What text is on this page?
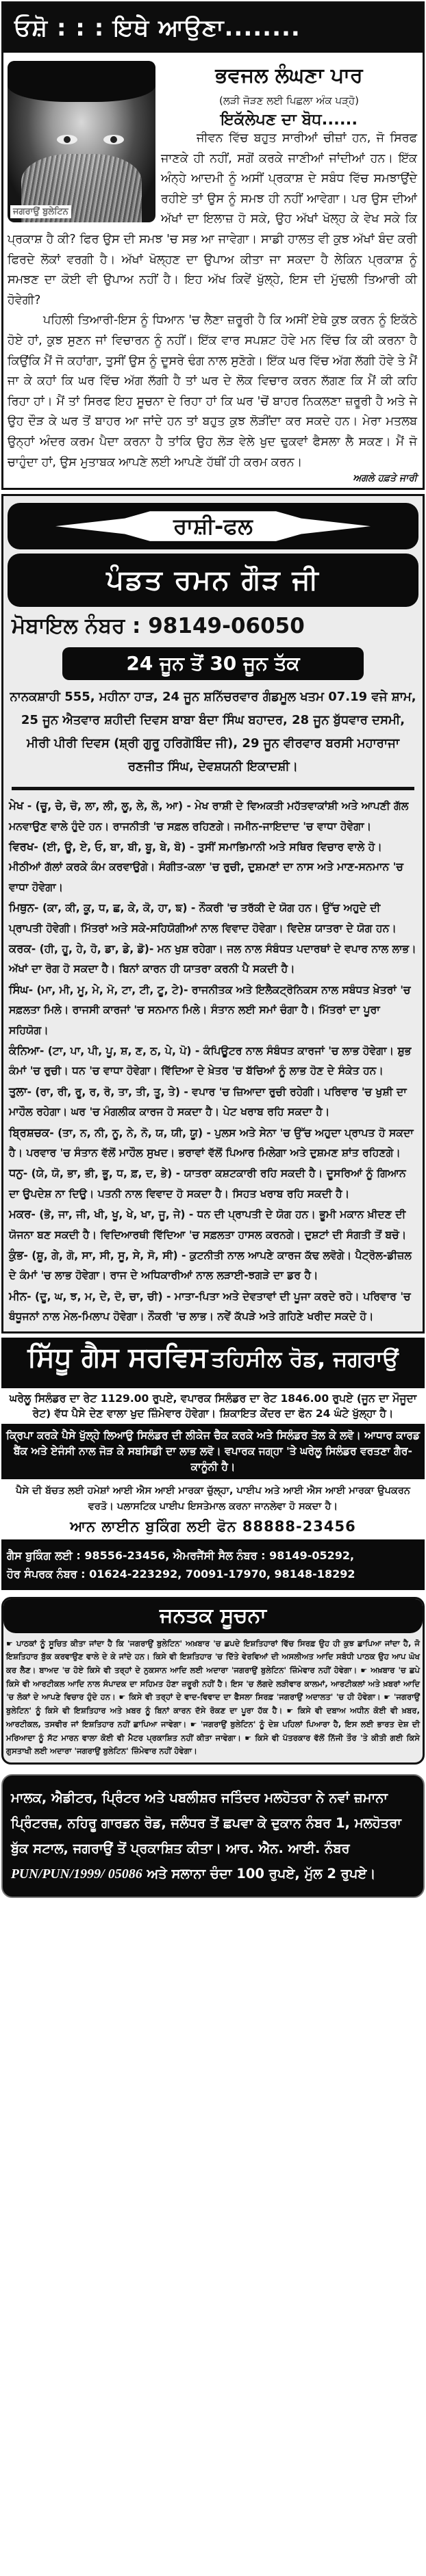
ਓਸ਼ੋ : : : ਇਥੇ ਆਉਣਾ........
ਜਗਰਾਉਂ ਬੁਲੇਟਿਨ
ਭਵਜਲ ਲੰਘਣਾ ਪਾਰ
(ਲੜੀ ਜੋੜਣ ਲਈ ਪਿਛਲਾ ਅੰਕ ਪੜ੍ਹੋ)
ਇਕੱਲੇਪਣ ਦਾ ਬੋਧ......

ਜੀਵਨ ਵਿੱਚ ਬਹੁਤ ਸਾਰੀਆਂ ਚੀਜ਼ਾਂ ਹਨ, ਜੋ ਸਿਰਫ ਜਾਣਕੇ ਹੀ ਨਹੀਂ, ਸਗੋਂ ਕਰਕੇ ਜਾਣੀਆਂ ਜਾਂਦੀਆਂ ਹਨ। ਇੱਕ ਅੰਨ੍ਹੇ ਆਦਮੀ ਨੂੰ ਅਸੀਂ ਪ੍ਰਕਾਸ਼ ਦੇ ਸਬੰਧ ਵਿੱਚ ਸਮਝਾਉਂਦੇ ਰਹੀਏ ਤਾਂ ਉਸ ਨੂੰ ਸਮਝ ਹੀ ਨਹੀਂ ਆਵੇਗਾ। ਪਰ ਉਸ ਦੀਆਂ ਅੱਖਾਂ ਦਾ ਇਲਾਜ਼ ਹੋ ਸਕੇ, ਉਹ ਅੱਖਾਂ ਖੋਲ੍ਹ ਕੇ ਵੇਖ ਸਕੇ ਕਿ ਪ੍ਰਕਾਸ਼ ਹੈ ਕੀ? ਫਿਰ ਉਸ ਦੀ ਸਮਝ 'ਚ ਸਭ ਆ ਜਾਵੇਗਾ। ਸਾਡੀ ਹਾਲਤ ਵੀ ਕੁਝ ਅੱਖਾਂ ਬੰਦ ਕਰੀ ਫਿਰਦੇ ਲੋਕਾਂ ਵਰਗੀ ਹੈ। ਅੱਖਾਂ ਖੋਲ੍ਹਣ ਦਾ ਉਪਾਅ ਕੀਤਾ ਜਾ ਸਕਦਾ ਹੈ ਲੇਕਿਨ ਪ੍ਰਕਾਸ਼ ਨੂੰ ਸਮਝਣ ਦਾ ਕੋਈ ਵੀ ਉਪਾਅ ਨਹੀਂ ਹੈ। ਇਹ ਅੱਖ ਕਿਵੇਂ ਖੁੱਲ੍ਹੇ, ਇਸ ਦੀ ਮੁੱਢਲੀ ਤਿਆਰੀ ਕੀ ਹੋਵੇਗੀ?

ਪਹਿਲੀ ਤਿਆਰੀ-ਇਸ ਨੂੰ ਧਿਆਨ 'ਚ ਲੈਣਾ ਜ਼ਰੂਰੀ ਹੈ ਕਿ ਅਸੀਂ ਏਥੇ ਕੁਝ ਕਰਨ ਨੂੰ ਇਕੱਠੇ ਹੋਏ ਹਾਂ, ਕੁਝ ਸੁਣਨ ਜਾਂ ਵਿਚਾਰਨ ਨੂੰ ਨਹੀਂ। ਇੱਕ ਵਾਰ ਸਪਸ਼ਟ ਹੋਵੇ ਮਨ ਵਿੱਚ ਕਿ ਕੀ ਕਰਨਾ ਹੈ ਕਿਉਂਕਿ ਮੈਂ ਜੋ ਕਹਾਂਗਾ, ਤੁਸੀਂ ਉਸ ਨੂੰ ਦੂਸਰੇ ਢੰਗ ਨਾਲ ਸੁਣੋਗੇ। ਇੱਕ ਘਰ ਵਿੱਚ ਅੱਗ ਲੱਗੀ ਹੋਵੇ ਤੇ ਮੈਂ ਜਾ ਕੇ ਕਹਾਂ ਕਿ ਘਰ ਵਿੱਚ ਅੱਗ ਲੱਗੀ ਹੈ ਤਾਂ ਘਰ ਦੇ ਲੋਕ ਵਿਚਾਰ ਕਰਨ ਲੱਗਣ ਕਿ ਮੈਂ ਕੀ ਕਹਿ ਰਿਹਾ ਹਾਂ। ਮੈਂ ਤਾਂ ਸਿਰਫ ਇਹ ਸੂਚਨਾ ਦੇ ਰਿਹਾ ਹਾਂ ਕਿ ਘਰ 'ਚੋਂ ਬਾਹਰ ਨਿਕਲਣਾ ਜ਼ਰੂਰੀ ਹੈ ਅਤੇ ਜੇ ਉਹ ਦੌੜ ਕੇ ਘਰ ਤੋਂ ਬਾਹਰ ਆ ਜਾਂਦੇ ਹਨ ਤਾਂ ਬਹੁਤ ਕੁਝ ਲੋੜੀਂਦਾ ਕਰ ਸਕਦੇ ਹਨ। ਮੇਰਾ ਮਤਲਬ ਉਨ੍ਹਾਂ ਅੰਦਰ ਕਰਮ ਪੈਦਾ ਕਰਨਾ ਹੈ ਤਾਂਕਿ ਉਹ ਲੋੜ ਵੇਲੇ ਖੁਦ ਢੁਕਵਾਂ ਫੈਸਲਾ ਲੈ ਸਕਣ। ਮੈਂ ਜੋ ਚਾਹੁੰਦਾ ਹਾਂ, ਉਸ ਮੁਤਾਬਕ ਆਪਣੇ ਲਈ ਆਪਣੇ ਹੱਥੀਂ ਹੀ ਕਰਮ ਕਰਨ।

ਅਗਲੇ ਹਫ਼ਤੇ ਜਾਰੀ
ਰਾਸ਼ੀ-ਫਲ
ਪੰਡਤ ਰਮਨ ਗੌੜ ਜੀ
ਮੋਬਾਇਲ ਨੰਬਰ : 98149-06050
24 ਜੂਨ ਤੋਂ 30 ਜੂਨ ਤੱਕ
ਨਾਨਕਸ਼ਾਹੀ 555, ਮਹੀਨਾ ਹਾੜ, 24 ਜੂਨ ਸ਼ਨਿੱਚਰਵਾਰ ਗੰਡਮੂਲ ਖਤਮ 07.19 ਵਜੇ ਸ਼ਾਮ, 25 ਜੂਨ ਐਤਵਾਰ ਸ਼ਹੀਦੀ ਦਿਵਸ ਬਾਬਾ ਬੰਦਾ ਸਿੰਘ ਬਹਾਦਰ, 28 ਜੂਨ ਬੁੱਧਵਾਰ ਦਸਮੀ, ਮੀਰੀ ਪੀਰੀ ਦਿਵਸ (ਸ਼੍ਰੀ ਗੁਰੂ ਹਰਿਗੋਬਿੰਦ ਜੀ), 29 ਜੂਨ ਵੀਰਵਾਰ ਬਰਸੀ ਮਹਾਰਾਜਾ ਰਣਜੀਤ ਸਿੰਘ, ਦੇਵਸ਼ਯਨੀ ਇਕਾਦਸ਼ੀ।
ਮੇਖ - (ਚੂ, ਚੇ, ਚੋ, ਲਾ, ਲੀ, ਲੂ, ਲੇ, ਲੋ, ਆ) - ਮੇਖ ਰਾਸ਼ੀ ਦੇ ਵਿਅਕਤੀ ਮਹੱਤਵਾਕਾਂਸ਼ੀ ਅਤੇ ਆਪਣੀ ਗੱਲ ਮਨਵਾਉਣ ਵਾਲੇ ਹੁੰਦੇ ਹਨ। ਰਾਜਨੀਤੀ 'ਚ ਸਫ਼ਲ ਰਹਿਣਗੇ। ਜਮੀਨ-ਜਾਇਦਾਦ 'ਚ ਵਾਧਾ ਹੋਵੇਗਾ।
ਵਿਰਖ- (ਈ, ਊ, ਏ, ਓ, ਬਾ, ਬੀ, ਬੂ, ਬੇ, ਬੋ) - ਤੁਸੀਂ ਸਮਾਭਿਮਾਨੀ ਅਤੇ ਸਥਿਰ ਵਿਚਾਰ ਵਾਲੇ ਹੋ। ਮੀਠੀਆਂ ਗੱਲਾਂ ਕਰਕੇ ਕੰਮ ਕਰਵਾਉਗੇ। ਸੰਗੀਤ-ਕਲਾ 'ਚ ਰੁਚੀ, ਦੁਸ਼ਮਣਾਂ ਦਾ ਨਾਸ ਅਤੇ ਮਾਣ-ਸਨਮਾਨ 'ਚ ਵਾਧਾ ਹੋਵੇਗਾ।
ਮਿਥੁਨ- (ਕਾ, ਕੀ, ਕੂ, ਧ, ਛ, ਕੇ, ਕੋ, ਹਾ, ਙ) - ਨੌਕਰੀ 'ਚ ਤਰੱਕੀ ਦੇ ਯੋਗ ਹਨ। ਉੱਚ ਅਹੁਦੇ ਦੀ ਪ੍ਰਾਪਤੀ ਹੋਵੇਗੀ। ਮਿੱਤਰਾਂ ਅਤੇ ਸਕੇ-ਸਹਿਯੋਗੀਆਂ ਨਾਲ ਵਿਵਾਦ ਹੋਵੇਗਾ। ਵਿਦੇਸ਼ ਯਾਤਰਾ ਦੇ ਯੋਗ ਹਨ।
ਕਰਕ- (ਹੀ, ਹੂ, ਹੇ, ਹੋ, ਡਾ, ਡੇ, ਡੋ)- ਮਨ ਖੁਸ਼ ਰਹੇਗਾ। ਜਲ ਨਾਲ ਸੰਬੰਧਤ ਪਦਾਰਥਾਂ ਦੇ ਵਪਾਰ ਨਾਲ ਲਾਭ। ਅੱਖਾਂ ਦਾ ਰੋਗ ਹੋ ਸਕਦਾ ਹੈ। ਬਿਨਾਂ ਕਾਰਨ ਹੀ ਯਾਤਰਾ ਕਰਨੀ ਪੈ ਸਕਦੀ ਹੈ।
ਸਿੰਘ- (ਮਾ, ਮੀ, ਮੂ, ਮੇ, ਮੋ, ਟਾ, ਟੀ, ਟੂ, ਟੇ)- ਰਾਜਨੀਤਕ ਅਤੇ ਇਲੈਕਟ੍ਰੋਨਿਕਸ ਨਾਲ ਸਬੰਧਤ ਖ਼ੇਤਰਾਂ 'ਚ ਸਫ਼ਲਤਾ ਮਿਲੇ। ਰਾਜਸੀ ਕਾਰਜਾਂ 'ਚ ਸਨਮਾਨ ਮਿਲੇ। ਸੰਤਾਨ ਲਈ ਸਮਾਂ ਚੰਗਾ ਹੈ। ਮਿੱਤਰਾਂ ਦਾ ਪੂਰਾ ਸਹਿਯੋਗ।
ਕੰਨਿਆ- (ਟਾ, ਪਾ, ਪੀ, ਪੂ, ਸ਼, ਣ, ਠ, ਪੇ, ਪੋ) - ਕੰਪਿਊਟਰ ਨਾਲ ਸੰਬੰਧਤ ਕਾਰਜਾਂ 'ਚ ਲਾਭ ਹੋਵੇਗਾ। ਸ਼ੁਭ ਕੰਮਾਂ 'ਚ ਰੁਚੀ। ਧਨ 'ਚ ਵਾਧਾ ਹੋਵੇਗਾ। ਵਿੱਦਿਆ ਦੇ ਖ਼ੇਤਰ 'ਚ ਬੱਚਿਆਂ ਨੂੰ ਲਾਭ ਹੋਣ ਦੇ ਸੰਕੇਤ ਹਨ।
ਤੁਲਾ- (ਰਾ, ਰੀ, ਰੂ, ਰ, ਰੋ, ਤਾ, ਤੀ, ਤੂ, ਤੇ) - ਵਪਾਰ 'ਚ ਜ਼ਿਆਦਾ ਰੁਚੀ ਰਹੇਗੀ। ਪਰਿਵਾਰ 'ਚ ਖੁਸ਼ੀ ਦਾ ਮਾਹੌਲ ਰਹੇਗਾ। ਘਰ 'ਚ ਮੰਗਲੀਕ ਕਾਰਜ ਹੋ ਸਕਦਾ ਹੈ। ਪੇਟ ਖਰਾਬ ਰਹਿ ਸਕਦਾ ਹੈ।
ਬ੍ਰਿਸ਼ਚਕ- (ਤਾ, ਨ, ਨੀ, ਨੂ, ਨੇ, ਨੋ, ਯ, ਯੀ, ਯੂ) - ਪੁਲਸ ਅਤੇ ਸੇਨਾ 'ਚ ਉੱਚ ਅਹੁਦਾ ਪ੍ਰਾਪਤ ਹੋ ਸਕਦਾ ਹੈ। ਪਰਵਾਰ 'ਚ ਸੰਤਾਨ ਵੱਲੋਂ ਮਾਹੌਲ ਸੁਖਦ। ਭਰਾਵਾਂ ਵੱਲੋਂ ਪਿਆਰ ਮਿਲੇਗਾ ਅਤੇ ਦੁਸ਼ਮਣ ਸ਼ਾਂਤ ਰਹਿਣਗੇ।
ਧਨੁ- (ਯੇ, ਯੋ, ਭਾ, ਭੀ, ਭੂ, ਧ, ਫ਼, ਦ, ਭੇ) - ਯਾਤਰਾ ਕਸ਼ਟਕਾਰੀ ਰਹਿ ਸਕਦੀ ਹੈ। ਦੂਸਰਿਆਂ ਨੂੰ ਗਿਆਨ ਦਾ ਉਪਦੇਸ਼ ਨਾ ਦਿਉ। ਪਤਨੀ ਨਾਲ ਵਿਵਾਦ ਹੋ ਸਕਦਾ ਹੈ। ਸਿਹਤ ਖਰਾਬ ਰਹਿ ਸਕਦੀ ਹੈ।
ਮਕਰ- (ਭੋ, ਜਾ, ਜੀ, ਖੀ, ਖੂ, ਖੇ, ਖਾ, ਜੂ, ਜੇ) - ਧਨ ਦੀ ਪ੍ਰਾਪਤੀ ਦੇ ਯੋਗ ਹਨ। ਭੂਮੀ ਮਕਾਨ ਖ਼ੀਦਣ ਦੀ ਯੋਜਨਾ ਬਣ ਸਕਦੀ ਹੈ। ਵਿਦਿਆਰਥੀ ਵਿੱਦਿਆ 'ਚ ਸਫ਼ਲਤਾ ਹਾਸਲ ਕਰਨਗੇ। ਦੁਸ਼ਟਾਂ ਦੀ ਸੰਗਤੀ ਤੋਂ ਬਚੋ।
ਕੁੰਭ- (ਸ਼ੂ, ਗੇ, ਗੋ, ਸਾ, ਸੀ, ਸੂ, ਸੇ, ਸੋ, ਸੀ) - ਕੁਟਨੀਤੀ ਨਾਲ ਆਪਣੇ ਕਾਰਜ ਕੱਢ ਲਵੋਗੇ। ਪੈਟ੍ਰੋਲ-ਡੀਜ਼ਲ ਦੇ ਕੰਮਾਂ 'ਚ ਲਾਭ ਹੋਵੇਗਾ। ਰਾਜ ਦੇ ਅਧਿਕਾਰੀਆਂ ਨਾਲ ਲੜਾਈ-ਝਗੜੇ ਦਾ ਡਰ ਹੈ।
ਮੀਨ- (ਦੂ, ਘ, ਝ, ਮ, ਦੇ, ਦੋ, ਚਾ, ਚੀ) - ਮਾਤਾ-ਪਿਤਾ ਅਤੇ ਦੇਵਤਾਵਾਂ ਦੀ ਪੂਜਾ ਕਰਦੇ ਰਹੋ। ਪਰਿਵਾਰ 'ਚ ਬੰਧੂਜਨਾਂ ਨਾਲ ਮੇਲ-ਮਿਲਾਪ ਹੋਵੇਗਾ। ਨੌਕਰੀ 'ਚ ਲਾਭ। ਨਵੇਂ ਕੱਪੜੇ ਅਤੇ ਗਹਿਣੇ ਖਰੀਦ ਸਕਦੇ ਹੋ।
ਸਿੱਧੂ ਗੈਸ ਸਰਵਿਸ ਤਹਿਸੀਲ ਰੋਡ, ਜਗਰਾਉਂ
ਘਰੇਲੂ ਸਿਲੰਡਰ ਦਾ ਰੇਟ 1129.00 ਰੁਪਏ, ਵਪਾਰਕ ਸਿਲੰਡਰ ਦਾ ਰੇਟ 1846.00 ਰੁਪਏ (ਜੂਨ ਦਾ ਮੌਜੂਦਾ ਰੇਟ) ਵੱਧ ਪੈਸੇ ਦੇਣ ਵਾਲਾ ਖੁਦ ਜ਼ਿੰਮੇਵਾਰ ਹੋਵੇਗਾ। ਸ਼ਿਕਾਇਤ ਕੇਂਦਰ ਦਾ ਫੋਨ 24 ਘੰਟੇ ਖੁੱਲ੍ਹਾ ਹੈ।
ਕ੍ਰਿਪਾ ਕਰਕੇ ਪੈਸੇ ਖੁੱਲ੍ਹੇ ਲਿਆਉ ਸਿਲੰਡਰ ਦੀ ਲੀਕੇਜ ਚੈਕ ਕਰਕੇ ਅਤੇ ਸਿਲੰਡਰ ਤੋਲ ਕੇ ਲਵੋ। ਆਧਾਰ ਕਾਰਡ ਬੈਂਕ ਅਤੇ ਏਜੰਸੀ ਨਾਲ ਜੋੜ ਕੇ ਸਬਸਿਡੀ ਦਾ ਲਾਭ ਲਵੋ। ਵਪਾਰਕ ਜਗ੍ਹਾ 'ਤੇ ਘਰੇਲੂ ਸਿਲੰਡਰ ਵਰਤਣਾ ਗੈਰ-ਕਾਨੂੰਨੀ ਹੈ।
ਪੈਸੇ ਦੀ ਬੱਚਤ ਲਈ ਹਮੇਸ਼ਾਂ ਆਈ ਐਸ ਆਈ ਮਾਰਕਾ ਚੁੱਲ੍ਹਾ, ਪਾਈਪ ਅਤੇ ਆਈ ਐਸ ਆਈ ਮਾਰਕਾ ਉਪਕਰਨ ਵਰਤੋ। ਪਲਾਸਟਿਕ ਪਾਈਪ ਇਸਤੇਮਾਲ ਕਰਨਾ ਜਾਨਲੇਵਾ ਹੋ ਸਕਦਾ ਹੈ।
ਆਨ ਲਾਈਨ ਬੁਕਿੰਗ ਲਈ ਫੋਨ 88888-23456
ਗੈਸ ਬੁਕਿੰਗ ਲਈ : 98556-23456, ਐਮਰਜੈਂਸੀ ਸੈਲ ਨੰਬਰ : 98149-05292,
ਹੋਰ ਸੰਪਰਕ ਨੰਬਰ : 01624-223292, 70091-17970, 98148-18292
ਜਨਤਕ ਸੂਚਨਾ
☛ ਪਾਠਕਾਂ ਨੂੰ ਸੂਚਿਤ ਕੀਤਾ ਜਾਂਦਾ ਹੈ ਕਿ 'ਜਗਰਾਉਂ ਬੁਲੇਟਿਨ' ਅਖ਼ਬਾਰ 'ਚ ਛਪਦੇ ਇਸ਼ਤਿਹਾਰਾਂ ਵਿੱਚ ਸਿਰਫ਼ ਉਹ ਹੀ ਕੁਝ ਛਾਪਿਆ ਜਾਂਦਾ ਹੈ, ਜੋ ਇਸ਼ਤਿਹਾਰ ਬੁੱਕ ਕਰਵਾਉਣ ਵਾਲੇ ਦੇ ਕੇ ਜਾਂਦੇ ਹਨ। ਕਿਸੇ ਵੀ ਇਸ਼ਤਿਹਾਰ 'ਚ ਦਿੱਤੇ ਵੇਰਵਿਆਂ ਦੀ ਅਸਲੀਅਤ ਆਦਿ ਸਬੰਧੀ ਪਾਠਕ ਉਹ ਆਪ ਘੋਖ ਕਰ ਲੈਣ। ਬਾਅਦ 'ਚ ਹੋਏ ਕਿਸੇ ਵੀ ਤਰ੍ਹਾਂ ਦੇ ਨੁਕਸਾਨ ਆਦਿ ਲਈ ਅਦਾਰਾ 'ਜਗਰਾਉਂ ਬੁਲੇਟਿਨ' ਜ਼ਿੰਮੇਵਾਰ ਨਹੀਂ ਹੋਵੇਗਾ। ☛ ਅਖ਼ਬਾਰ 'ਚ ਛਪੇ ਕਿਸੇ ਵੀ ਆਰਟੀਕਲ ਆਦਿ ਨਾਲ ਸੰਪਾਦਕ ਦਾ ਸਹਿਮਤ ਹੋਣਾ ਜ਼ਰੂਰੀ ਨਹੀਂ ਹੈ। ਇਸ 'ਚ ਲੱਗਦੇ ਲੜੀਵਾਰ ਕਾਲਮਾਂ, ਆਰਟੀਕਲਾਂ ਅਤੇ ਖ਼ਬਰਾਂ ਆਦਿ 'ਚ ਲੋਕਾਂ ਦੇ ਆਪਣੇ ਵਿਚਾਰ ਹੁੰਦੇ ਹਨ। ☛ ਕਿਸੇ ਵੀ ਤਰ੍ਹਾਂ ਦੇ ਵਾਦ-ਵਿਵਾਦ ਦਾ ਫੈਸਲਾ ਸਿਰਫ਼ 'ਜਗਰਾਉਂ ਅਦਾਲਤ' 'ਚ ਹੀ ਹੋਵੇਗਾ। ☛ 'ਜਗਰਾਉਂ ਬੁਲੇਟਿਨ' ਨੂੰ ਕਿਸੇ ਵੀ ਇਸ਼ਤਿਹਾਰ ਅਤੇ ਖ਼ਬਰ ਨੂੰ ਬਿਨਾਂ ਕਾਰਨ ਦੱਸੇ ਰੋਕਣ ਦਾ ਪੂਰਾ ਹੱਕ ਹੈ। ☛ ਕਿਸੇ ਵੀ ਦਬਾਅ ਅਧੀਨ ਕੋਈ ਵੀ ਖ਼ਬਰ, ਆਰਟੀਕਲ, ਤਸਵੀਰ ਜਾਂ ਇਸ਼ਤਿਹਾਰ ਨਹੀਂ ਛਾਪਿਆ ਜਾਵੇਗਾ। ☛ 'ਜਗਰਾਉਂ ਬੁਲੇਟਿਨ' ਨੂੰ ਦੇਸ਼ ਪਹਿਲਾਂ ਪਿਆਰਾ ਹੈ, ਇਸ ਲਈ ਭਾਰਤ ਦੇਸ਼ ਦੀ ਮਰਿਆਦਾ ਨੂੰ ਸੱਟ ਮਾਰਨ ਵਾਲਾ ਕੋਈ ਵੀ ਮੈਟਰ ਪ੍ਰਕਾਸ਼ਿਤ ਨਹੀਂ ਕੀਤਾ ਜਾਵੇਗਾ। ☛ ਕਿਸੇ ਵੀ ਪੱਤਰਕਾਰ ਵੱਲੋਂ ਨਿੱਜੀ ਤੌਰ 'ਤੇ ਕੀਤੀ ਗਈ ਕਿਸੇ ਗੁਸਤਾਖੀ ਲਈ ਅਦਾਰਾ 'ਜਗਰਾਉਂ ਬੁਲੇਟਿਨ' ਜ਼ਿੰਮੇਵਾਰ ਨਹੀਂ ਹੋਵੇਗਾ।
ਮਾਲਕ, ਐਡੀਟਰ, ਪ੍ਰਿੰਟਰ ਅਤੇ ਪਬਲੀਸ਼ਰ ਜਤਿੰਦਰ ਮਲਹੋਤਰਾ ਨੇ ਨਵਾਂ ਜ਼ਮਾਨਾ ਪ੍ਰਿੰਟਰਜ਼, ਨਹਿਰੂ ਗਾਰਡਨ ਰੋਡ, ਜਲੰਧਰ ਤੋਂ ਛਪਵਾ ਕੇ ਦੁਕਾਨ ਨੰਬਰ 1, ਮਲਹੋਤਰਾ ਬੁੱਕ ਸਟਾਲ, ਜਗਰਾਉਂ ਤੋਂ ਪ੍ਰਕਾਸ਼ਿਤ ਕੀਤਾ। ਆਰ. ਐਨ. ਆਈ. ਨੰਬਰ PUN/PUN/1999/ 05086 ਅਤੇ ਸਲਾਨਾ ਚੰਦਾ 100 ਰੁਪਏ, ਮੁੱਲ 2 ਰੁਪਏ।
